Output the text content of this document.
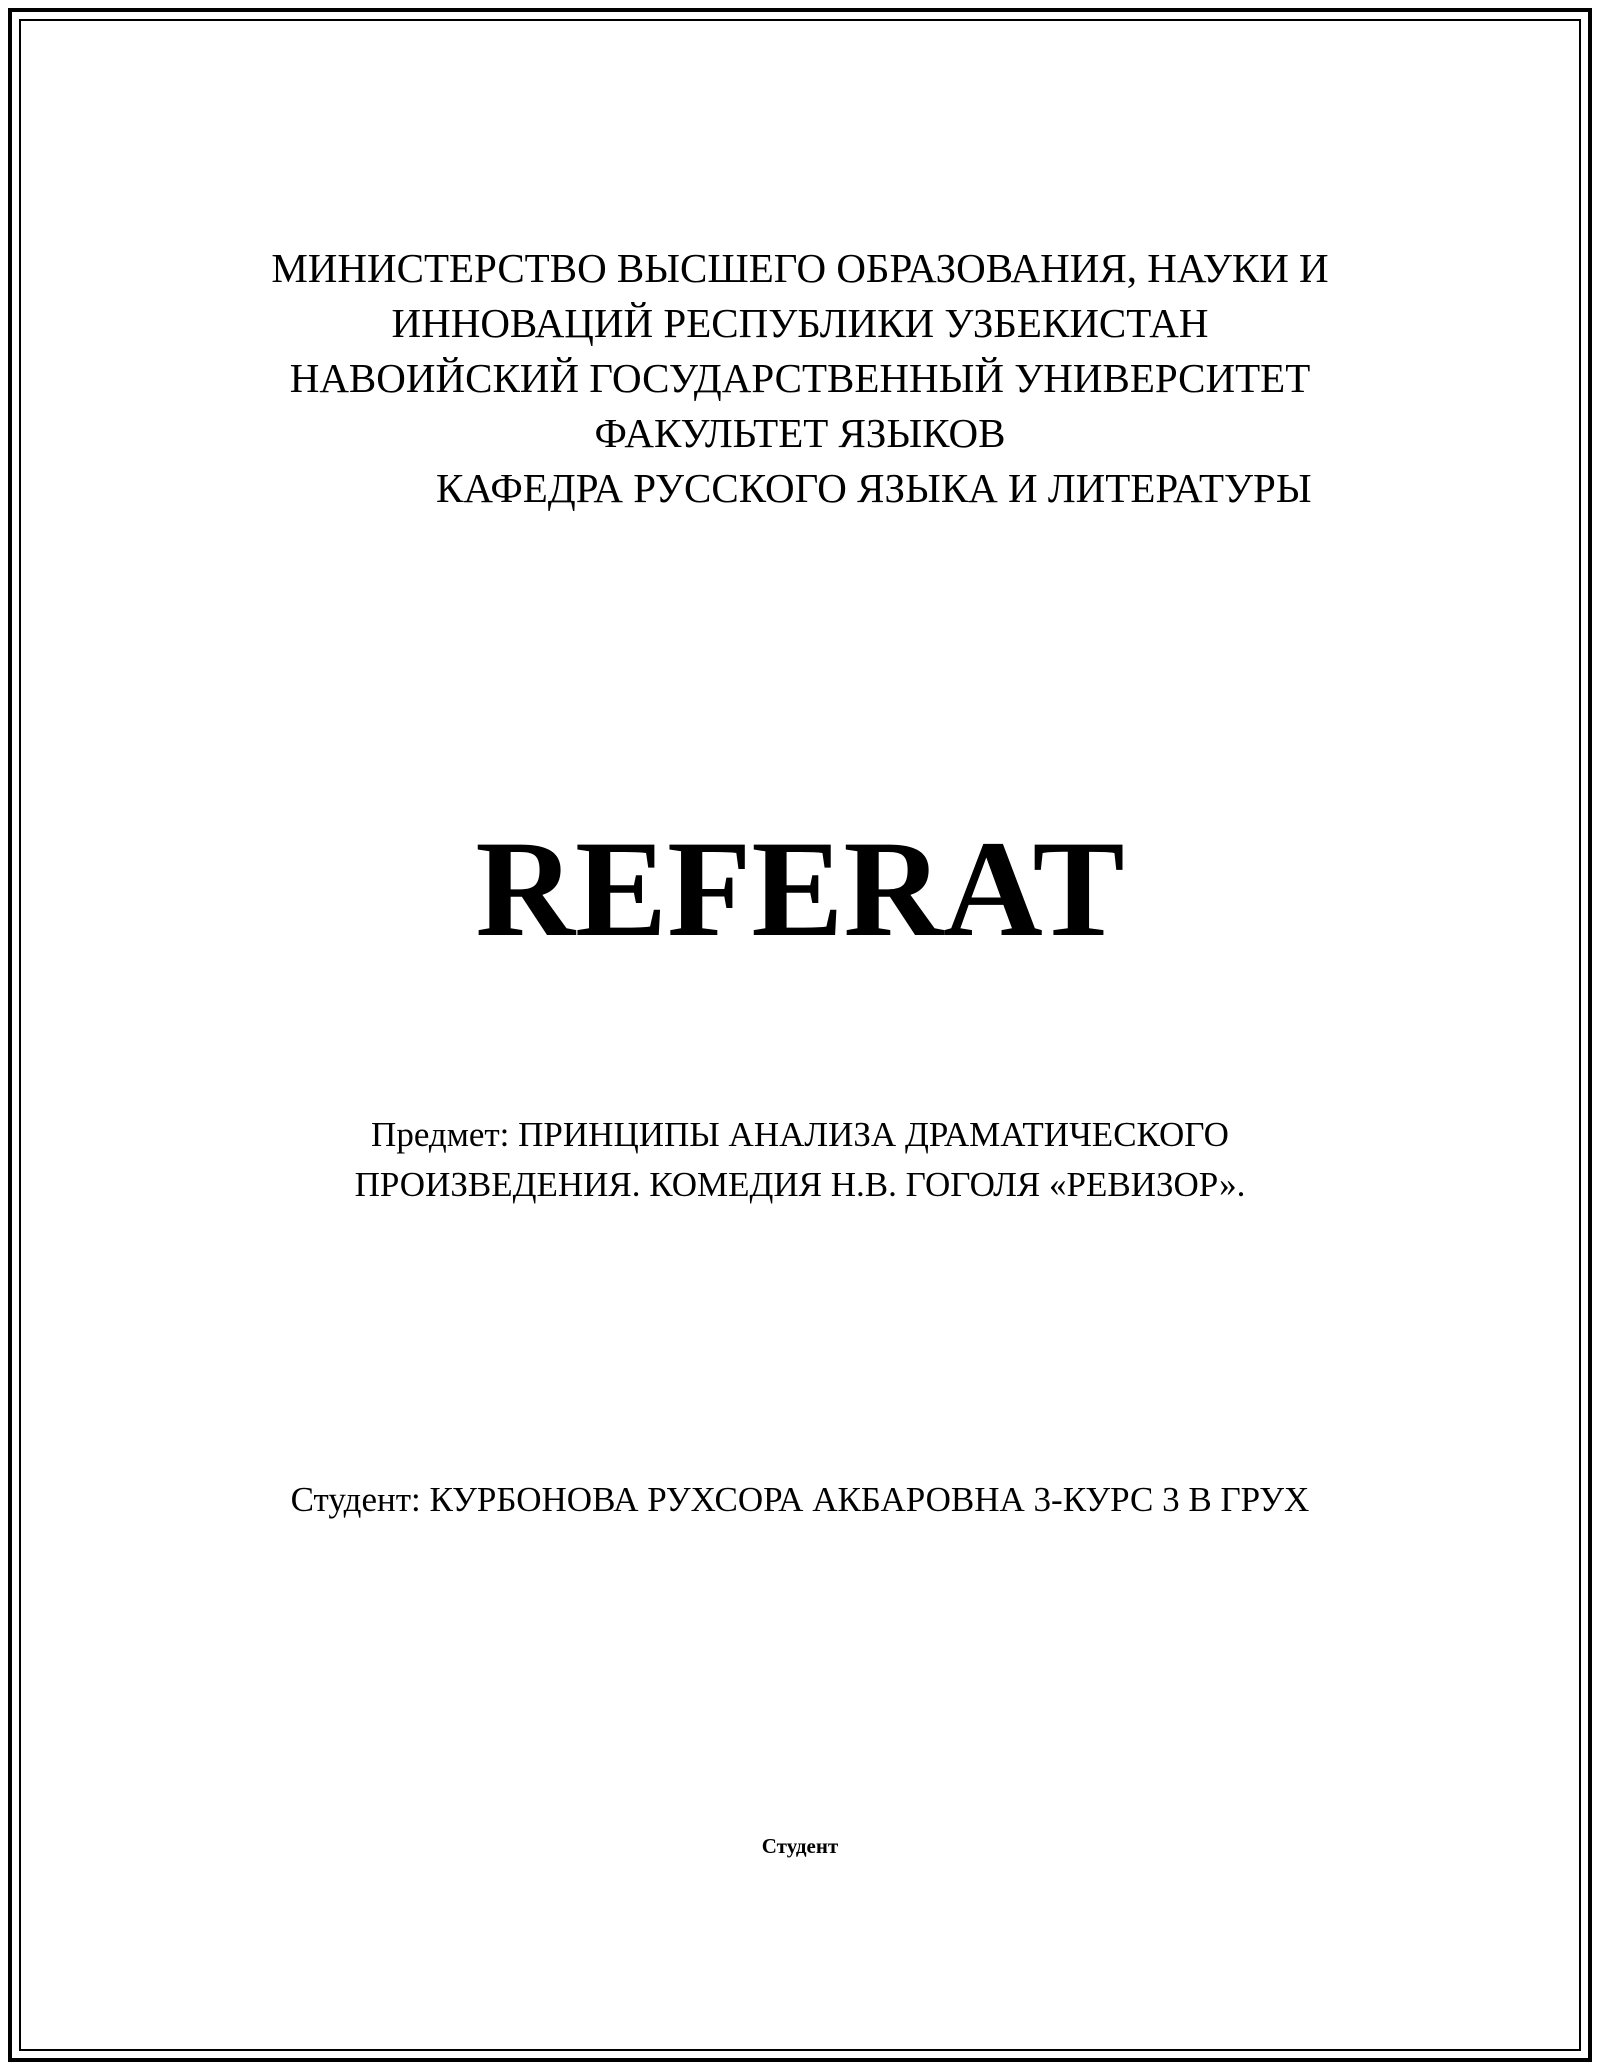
МИНИСТЕРСТВО ВЫСШЕГО ОБРАЗОВАНИЯ, НАУКИ И
ИННОВАЦИЙ РЕСПУБЛИКИ УЗБЕКИСТАН
НАВОИЙСКИЙ ГОСУДАРСТВЕННЫЙ УНИВЕРСИТЕТ
ФАКУЛЬТЕТ ЯЗЫКОВ
КАФЕДРА РУССКОГО ЯЗЫКА И ЛИТЕРАТУРЫ
REFERAT
Предмет: ПРИНЦИПЫ АНАЛИЗА ДРАМАТИЧЕСКОГО
ПРОИЗВЕДЕНИЯ. КОМЕДИЯ Н.В. ГОГОЛЯ «РЕВИЗОР».
Студент: КУРБОНОВА РУХСОРА АКБАРОВНА 3-КУРС 3 В ГРУХ
Студент
